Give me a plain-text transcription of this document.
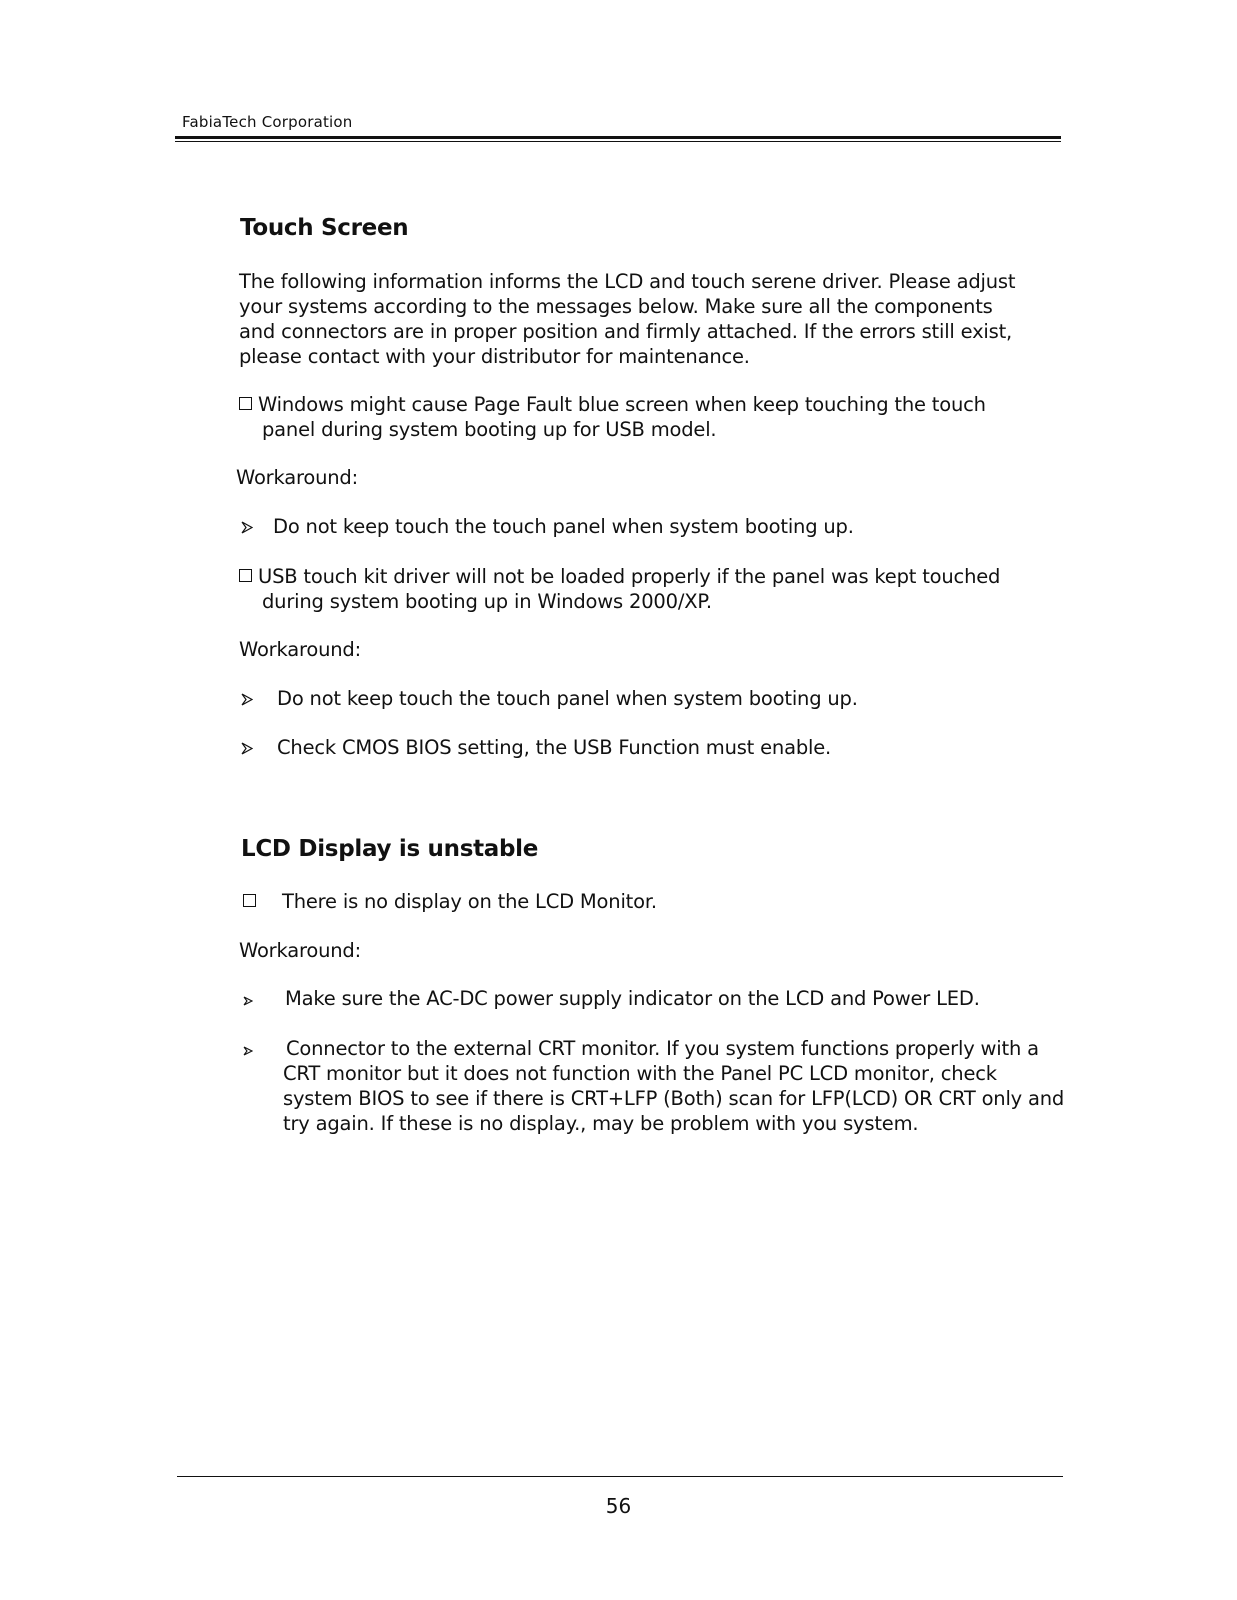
FabiaTech Corporation
Touch Screen
The following information informs the LCD and touch serene driver. Please adjust
your systems according to the messages below. Make sure all the components
and connectors are in proper position and firmly attached. If the errors still exist,
please contact with your distributor for maintenance.
Windows might cause Page Fault blue screen when keep touching the touch
panel during system booting up for USB model.
Workaround:
Do not keep touch the touch panel when system booting up.
USB touch kit driver will not be loaded properly if the panel was kept touched
during system booting up in Windows 2000/XP.
Workaround:
Do not keep touch the touch panel when system booting up.
Check CMOS BIOS setting, the USB Function must enable.
LCD Display is unstable
There is no display on the LCD Monitor.
Workaround:
Make sure the AC-DC power supply indicator on the LCD and Power LED.
Connector to the external CRT monitor. If you system functions properly with a
CRT monitor but it does not function with the Panel PC LCD monitor, check
system BIOS to see if there is CRT+LFP (Both) scan for LFP(LCD) OR CRT only and
try again. If these is no display., may be problem with you system.
56
